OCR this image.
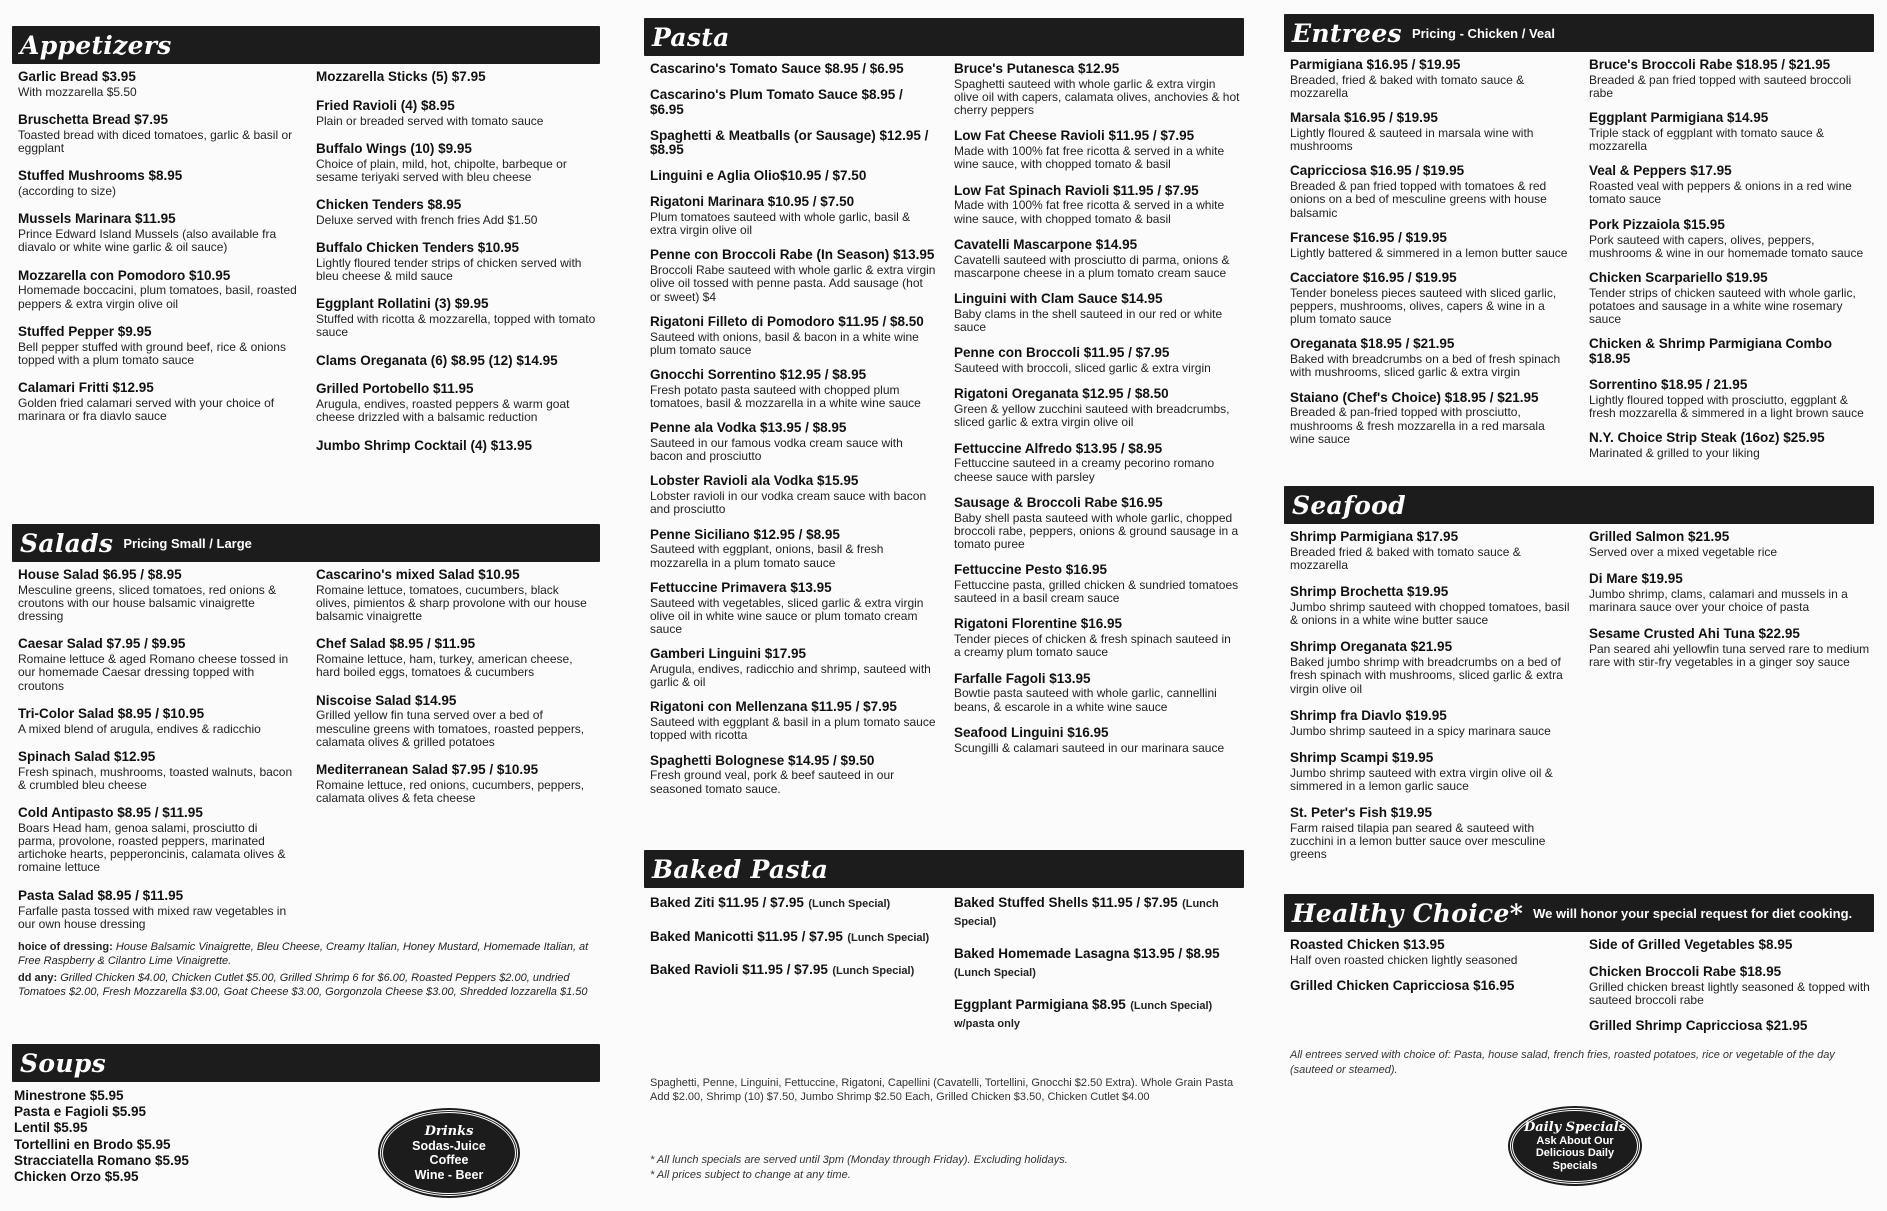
Appetizers
Garlic Bread $3.95
With mozzarella $5.50
Bruschetta Bread $7.95
Toasted bread with diced tomatoes, garlic & basil or eggplant
Stuffed Mushrooms $8.95
(according to size)
Mussels Marinara $11.95
Prince Edward Island Mussels (also available fra diavalo or white wine garlic & oil sauce)
Mozzarella con Pomodoro $10.95
Homemade boccacini, plum tomatoes, basil, roasted peppers & extra virgin olive oil
Stuffed Pepper $9.95
Bell pepper stuffed with ground beef, rice & onions topped with a plum tomato sauce
Calamari Fritti $12.95
Golden fried calamari served with your choice of marinara or fra diavlo sauce
Mozzarella Sticks (5) $7.95
Fried Ravioli (4) $8.95
Plain or breaded served with tomato sauce
Buffalo Wings (10) $9.95
Choice of plain, mild, hot, chipolte, barbeque or sesame teriyaki served with bleu cheese
Chicken Tenders $8.95
Deluxe served with french fries Add $1.50
Buffalo Chicken Tenders $10.95
Lightly floured tender strips of chicken served with bleu cheese & mild sauce
Eggplant Rollatini (3) $9.95
Stuffed with ricotta & mozzarella, topped with tomato sauce
Clams Oreganata (6) $8.95 (12) $14.95
Grilled Portobello $11.95
Arugula, endives, roasted peppers & warm goat cheese drizzled with a balsamic reduction
Jumbo Shrimp Cocktail (4) $13.95
Salads Pricing Small / Large
House Salad $6.95 / $8.95
Mesculine greens, sliced tomatoes, red onions & croutons with our house balsamic vinaigrette dressing
Caesar Salad $7.95 / $9.95
Romaine lettuce & aged Romano cheese tossed in our homemade Caesar dressing topped with croutons
Tri-Color Salad $8.95 / $10.95
A mixed blend of arugula, endives & radicchio
Spinach Salad $12.95
Fresh spinach, mushrooms, toasted walnuts, bacon & crumbled bleu cheese
Cold Antipasto $8.95 / $11.95
Boars Head ham, genoa salami, prosciutto di parma, provolone, roasted peppers, marinated artichoke hearts, pepperoncinis, calamata olives & romaine lettuce
Pasta Salad $8.95 / $11.95
Farfalle pasta tossed with mixed raw vegetables in our own house dressing
Cascarino's mixed Salad $10.95
Romaine lettuce, tomatoes, cucumbers, black olives, pimientos & sharp provolone with our house balsamic vinaigrette
Chef Salad $8.95 / $11.95
Romaine lettuce, ham, turkey, american cheese, hard boiled eggs, tomatoes & cucumbers
Niscoise Salad $14.95
Grilled yellow fin tuna served over a bed of mesculine greens with tomatoes, roasted peppers, calamata olives & grilled potatoes
Mediterranean Salad $7.95 / $10.95
Romaine lettuce, red onions, cucumbers, peppers, calamata olives & feta cheese
hoice of dressing: House Balsamic Vinaigrette, Bleu Cheese, Creamy Italian, Honey Mustard, Homemade Italian, at Free Raspberry & Cilantro Lime Vinaigrette.
dd any: Grilled Chicken $4.00, Chicken Cutlet $5.00, Grilled Shrimp 6 for $6.00, Roasted Peppers $2.00, undried Tomatoes $2.00, Fresh Mozzarella $3.00, Goat Cheese $3.00, Gorgonzola Cheese $3.00, Shredded lozzarella $1.50
Soups
Minestrone $5.95
Pasta e Fagioli $5.95
Lentil $5.95
Tortellini en Brodo $5.95
Stracciatella Romano $5.95
Chicken Orzo $5.95
Drinks
Sodas-Juice
Coffee
Wine - Beer
Pasta
Cascarino's Tomato Sauce $8.95 / $6.95
Cascarino's Plum Tomato Sauce $8.95 / $6.95
Spaghetti & Meatballs (or Sausage) $12.95 / $8.95
Linguini e Aglia Olio$10.95 / $7.50
Rigatoni Marinara $10.95 / $7.50
Plum tomatoes sauteed with whole garlic, basil & extra virgin olive oil
Penne con Broccoli Rabe (In Season) $13.95
Broccoli Rabe sauteed with whole garlic & extra virgin olive oil tossed with penne pasta. Add sausage (hot or sweet) $4
Rigatoni Filleto di Pomodoro $11.95 / $8.50
Sauteed with onions, basil & bacon in a white wine plum tomato sauce
Gnocchi Sorrentino $12.95 / $8.95
Fresh potato pasta sauteed with chopped plum tomatoes, basil & mozzarella in a white wine sauce
Penne ala Vodka $13.95 / $8.95
Sauteed in our famous vodka cream sauce with bacon and prosciutto
Lobster Ravioli ala Vodka $15.95
Lobster ravioli in our vodka cream sauce with bacon and prosciutto
Penne Siciliano $12.95 / $8.95
Sauteed with eggplant, onions, basil & fresh mozzarella in a plum tomato sauce
Fettuccine Primavera $13.95
Sauteed with vegetables, sliced garlic & extra virgin olive oil in white wine sauce or plum tomato cream sauce
Gamberi Linguini $17.95
Arugula, endives, radicchio and shrimp, sauteed with garlic & oil
Rigatoni con Mellenzana $11.95 / $7.95
Sauteed with eggplant & basil in a plum tomato sauce topped with ricotta
Spaghetti Bolognese $14.95 / $9.50
Fresh ground veal, pork & beef sauteed in our seasoned tomato sauce.
Bruce's Putanesca $12.95
Spaghetti sauteed with whole garlic & extra virgin olive oil with capers, calamata olives, anchovies & hot cherry peppers
Low Fat Cheese Ravioli $11.95 / $7.95
Made with 100% fat free ricotta & served in a white wine sauce, with chopped tomato & basil
Low Fat Spinach Ravioli $11.95 / $7.95
Made with 100% fat free ricotta & served in a white wine sauce, with chopped tomato & basil
Cavatelli Mascarpone $14.95
Cavatelli sauteed with prosciutto di parma, onions & mascarpone cheese in a plum tomato cream sauce
Linguini with Clam Sauce $14.95
Baby clams in the shell sauteed in our red or white sauce
Penne con Broccoli $11.95 / $7.95
Sauteed with broccoli, sliced garlic & extra virgin
Rigatoni Oreganata $12.95 / $8.50
Green & yellow zucchini sauteed with breadcrumbs, sliced garlic & extra virgin olive oil
Fettuccine Alfredo $13.95 / $8.95
Fettuccine sauteed in a creamy pecorino romano cheese sauce with parsley
Sausage & Broccoli Rabe $16.95
Baby shell pasta sauteed with whole garlic, chopped broccoli rabe, peppers, onions & ground sausage in a tomato puree
Fettuccine Pesto $16.95
Fettuccine pasta, grilled chicken & sundried tomatoes sauteed in a basil cream sauce
Rigatoni Florentine $16.95
Tender pieces of chicken & fresh spinach sauteed in a creamy plum tomato sauce
Farfalle Fagoli $13.95
Bowtie pasta sauteed with whole garlic, cannellini beans, & escarole in a white wine sauce
Seafood Linguini $16.95
Scungilli & calamari sauteed in our marinara sauce
Baked Pasta
Baked Ziti $11.95 / $7.95 (Lunch Special)
Baked Manicotti $11.95 / $7.95 (Lunch Special)
Baked Ravioli $11.95 / $7.95 (Lunch Special)
Baked Stuffed Shells $11.95 / $7.95 (Lunch Special)
Baked Homemade Lasagna $13.95 / $8.95 (Lunch Special)
Eggplant Parmigiana $8.95 (Lunch Special) w/pasta only
Spaghetti, Penne, Linguini, Fettuccine, Rigatoni, Capellini (Cavatelli, Tortellini, Gnocchi $2.50 Extra). Whole Grain Pasta Add $2.00, Shrimp (10) $7.50, Jumbo Shrimp $2.50 Each, Grilled Chicken $3.50, Chicken Cutlet $4.00
* All lunch specials are served until 3pm (Monday through Friday). Excluding holidays.
* All prices subject to change at any time.
Entrees Pricing - Chicken / Veal
Parmigiana $16.95 / $19.95
Breaded, fried & baked with tomato sauce & mozzarella
Marsala $16.95 / $19.95
Lightly floured & sauteed in marsala wine with mushrooms
Capricciosa $16.95 / $19.95
Breaded & pan fried topped with tomatoes & red onions on a bed of mesculine greens with house balsamic
Francese $16.95 / $19.95
Lightly battered & simmered in a lemon butter sauce
Cacciatore $16.95 / $19.95
Tender boneless pieces sauteed with sliced garlic, peppers, mushrooms, olives, capers & wine in a plum tomato sauce
Oreganata $18.95 / $21.95
Baked with breadcrumbs on a bed of fresh spinach with mushrooms, sliced garlic & extra virgin
Staiano (Chef's Choice) $18.95 / $21.95
Breaded & pan-fried topped with prosciutto, mushrooms & fresh mozzarella in a red marsala wine sauce
Bruce's Broccoli Rabe $18.95 / $21.95
Breaded & pan fried topped with sauteed broccoli rabe
Eggplant Parmigiana $14.95
Triple stack of eggplant with tomato sauce & mozzarella
Veal & Peppers $17.95
Roasted veal with peppers & onions in a red wine tomato sauce
Pork Pizzaiola $15.95
Pork sauteed with capers, olives, peppers, mushrooms & wine in our homemade tomato sauce
Chicken Scarpariello $19.95
Tender strips of chicken sauteed with whole garlic, potatoes and sausage in a white wine rosemary sauce
Chicken & Shrimp Parmigiana Combo $18.95
Sorrentino $18.95 / 21.95
Lightly floured topped with prosciutto, eggplant & fresh mozzarella & simmered in a light brown sauce
N.Y. Choice Strip Steak (16oz) $25.95
Marinated & grilled to your liking
Seafood
Shrimp Parmigiana $17.95
Breaded fried & baked with tomato sauce & mozzarella
Shrimp Brochetta $19.95
Jumbo shrimp sauteed with chopped tomatoes, basil & onions in a white wine butter sauce
Shrimp Oreganata $21.95
Baked jumbo shrimp with breadcrumbs on a bed of fresh spinach with mushrooms, sliced garlic & extra virgin olive oil
Shrimp fra Diavlo $19.95
Jumbo shrimp sauteed in a spicy marinara sauce
Shrimp Scampi $19.95
Jumbo shrimp sauteed with extra virgin olive oil & simmered in a lemon garlic sauce
St. Peter's Fish $19.95
Farm raised tilapia pan seared & sauteed with zucchini in a lemon butter sauce over mesculine greens
Grilled Salmon $21.95
Served over a mixed vegetable rice
Di Mare $19.95
Jumbo shrimp, clams, calamari and mussels in a marinara sauce over your choice of pasta
Sesame Crusted Ahi Tuna $22.95
Pan seared ahi yellowfin tuna served rare to medium rare with stir-fry vegetables in a ginger soy sauce
Healthy Choice* We will honor your special request for diet cooking.
Roasted Chicken $13.95
Half oven roasted chicken lightly seasoned
Grilled Chicken Capricciosa $16.95
Side of Grilled Vegetables $8.95
Chicken Broccoli Rabe $18.95
Grilled chicken breast lightly seasoned & topped with sauteed broccoli rabe
Grilled Shrimp Capricciosa $21.95
All entrees served with choice of: Pasta, house salad, french fries, roasted potatoes, rice or vegetable of the day (sauteed or steamed).
Daily Specials
Ask About Our
Delicious Daily
Specials
